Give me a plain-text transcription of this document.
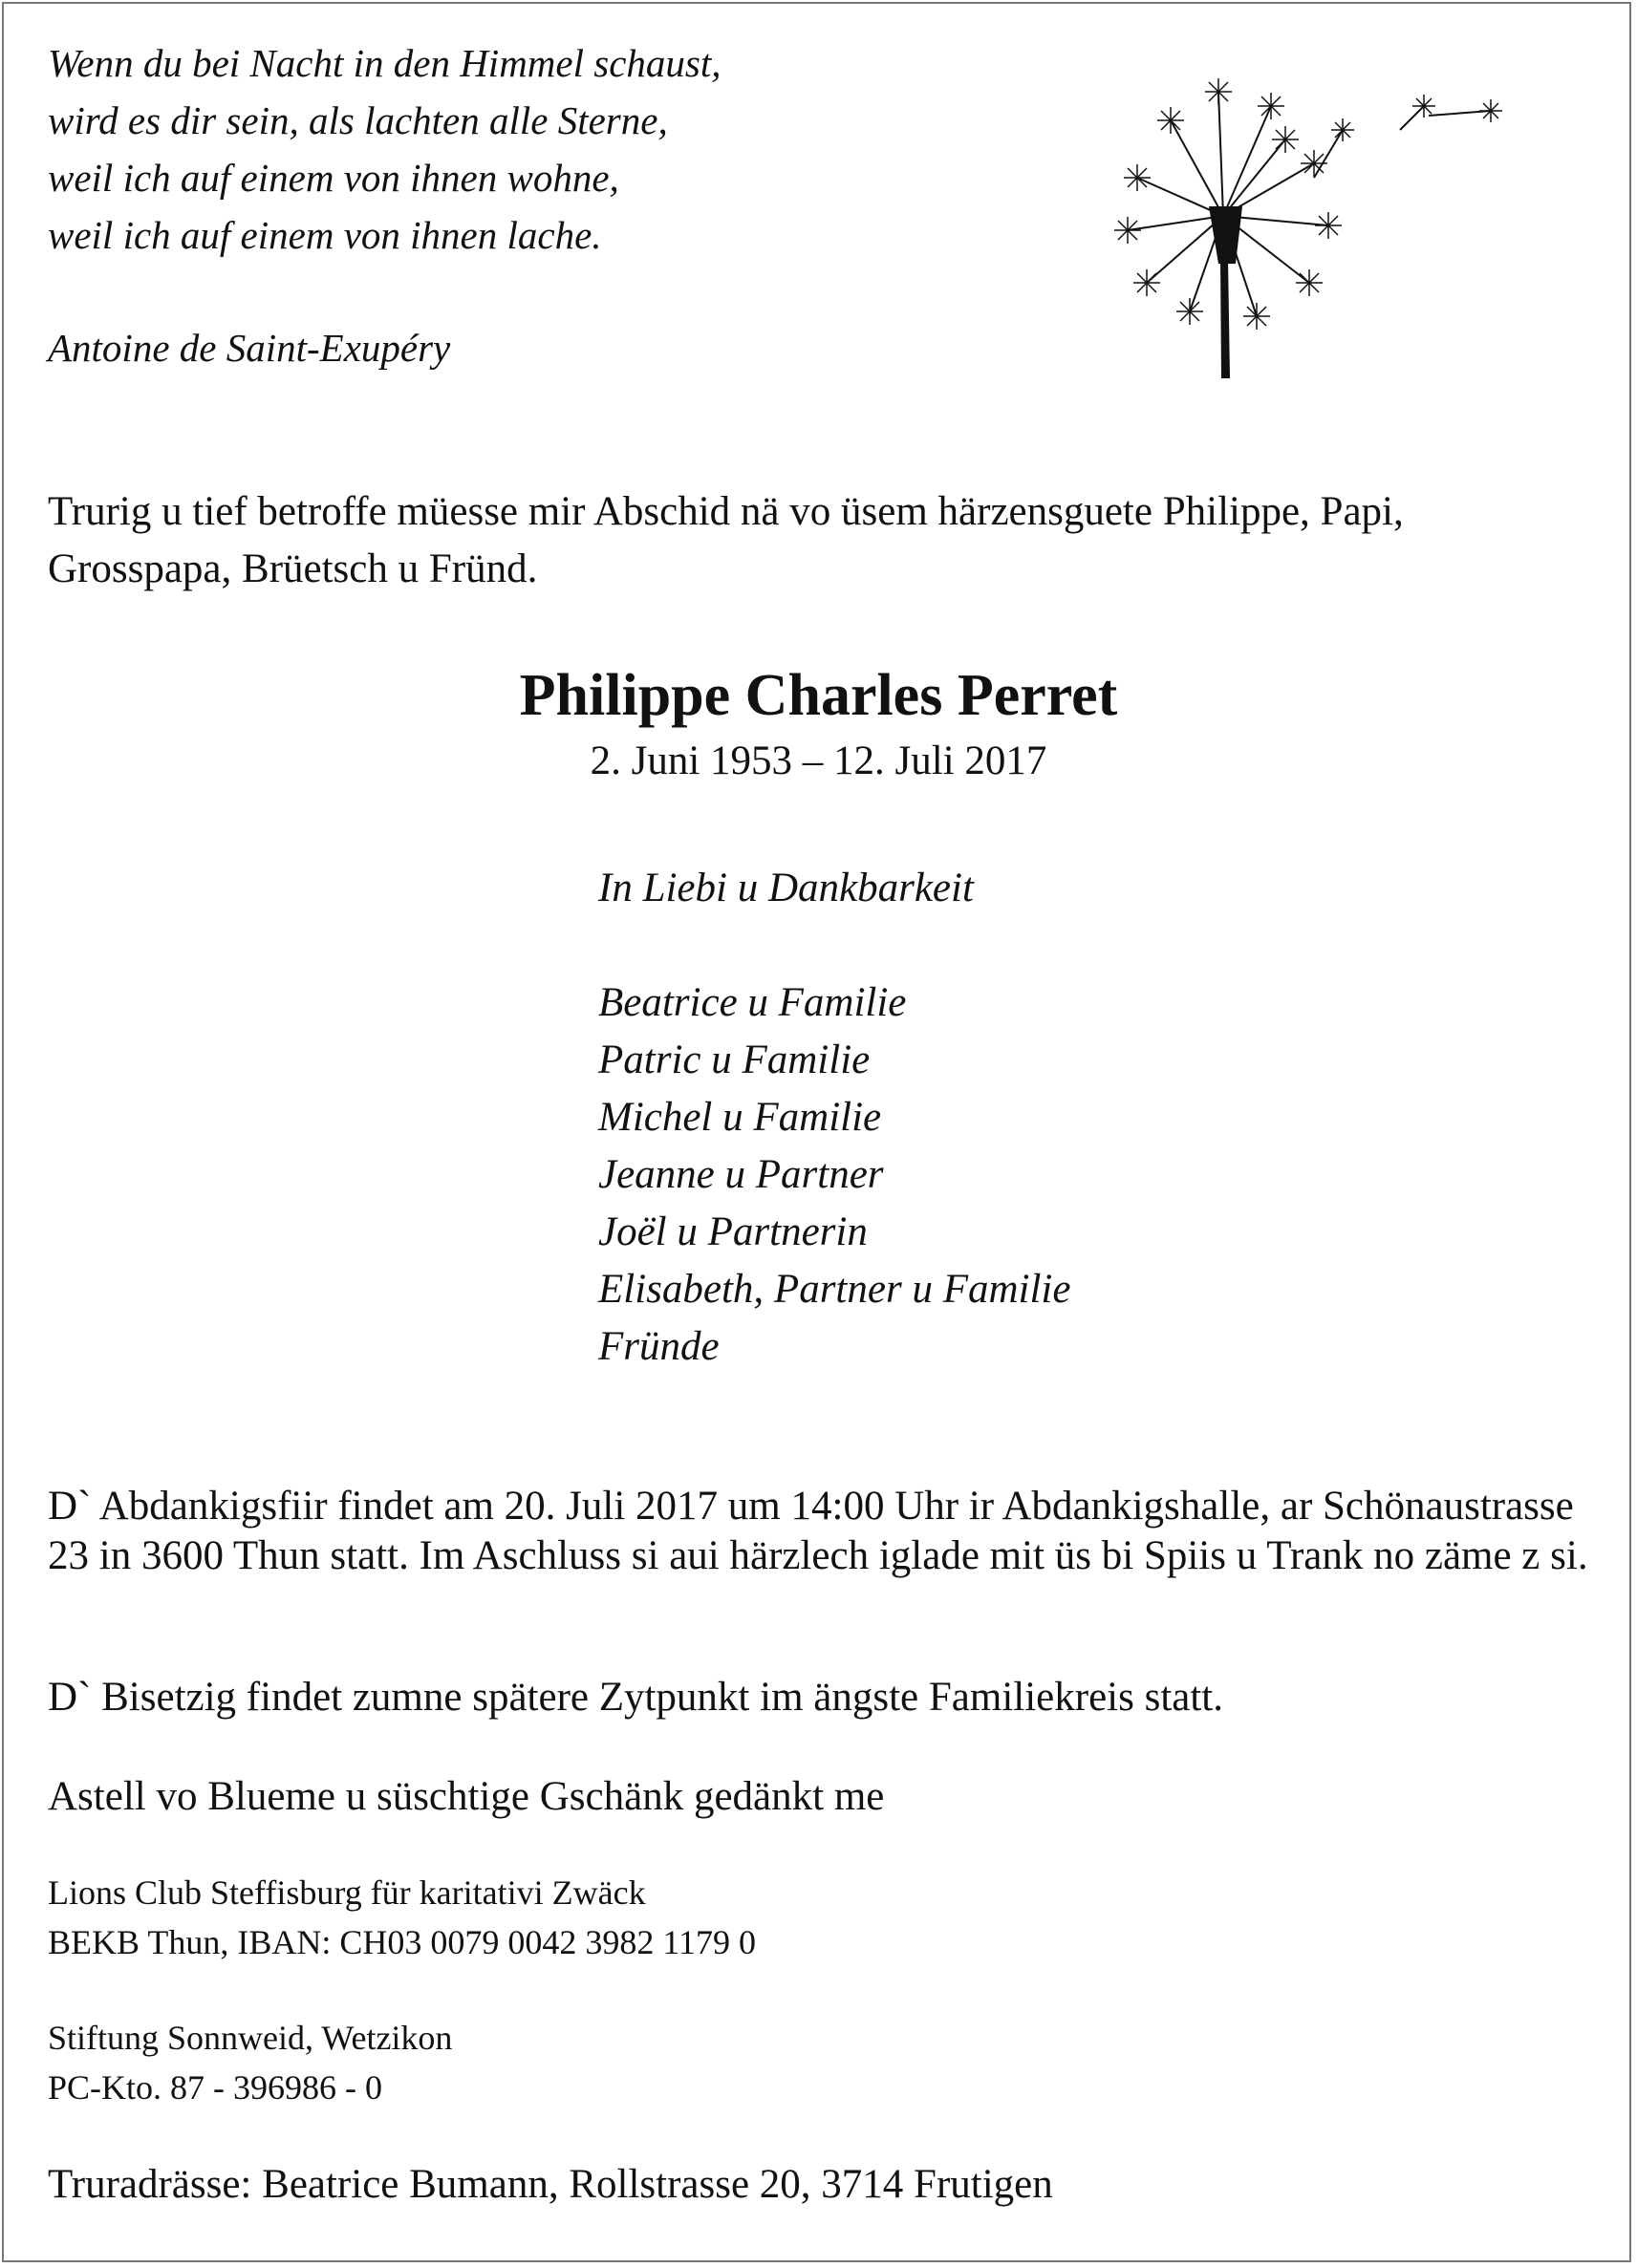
Wenn du bei Nacht in den Himmel schaust,
wird es dir sein, als lachten alle Sterne,
weil ich auf einem von ihnen wohne,
weil ich auf einem von ihnen lache.
Antoine de Saint-Exupéry
Trurig u tief betroffe müesse mir Abschid nä vo üsem härzensguete Philippe, Papi, Grosspapa, Brüetsch u Fründ.
Philippe Charles Perret
2. Juni 1953 – 12. Juli 2017
In Liebi u Dankbarkeit
Beatrice u Familie
Patric u Familie
Michel u Familie
Jeanne u Partner
Joël u Partnerin
Elisabeth, Partner u Familie
Fründe
D` Abdankigsfiir findet am 20. Juli 2017 um 14:00 Uhr ir Abdankigshalle, ar Schönaustrasse 23 in 3600 Thun statt. Im Aschluss si aui härzlech iglade mit üs bi Spiis u Trank no zäme z si.
D` Bisetzig findet zumne spätere Zytpunkt im ängste Familiekreis statt.
Astell vo Blueme u süschtige Gschänk gedänkt me
Lions Club Steffisburg für karitativi Zwäck
BEKB Thun, IBAN: CH03 0079 0042 3982 1179 0
Stiftung Sonnweid, Wetzikon
PC-Kto. 87 - 396986 - 0
Truradrässe: Beatrice Bumann, Rollstrasse 20, 3714 Frutigen
